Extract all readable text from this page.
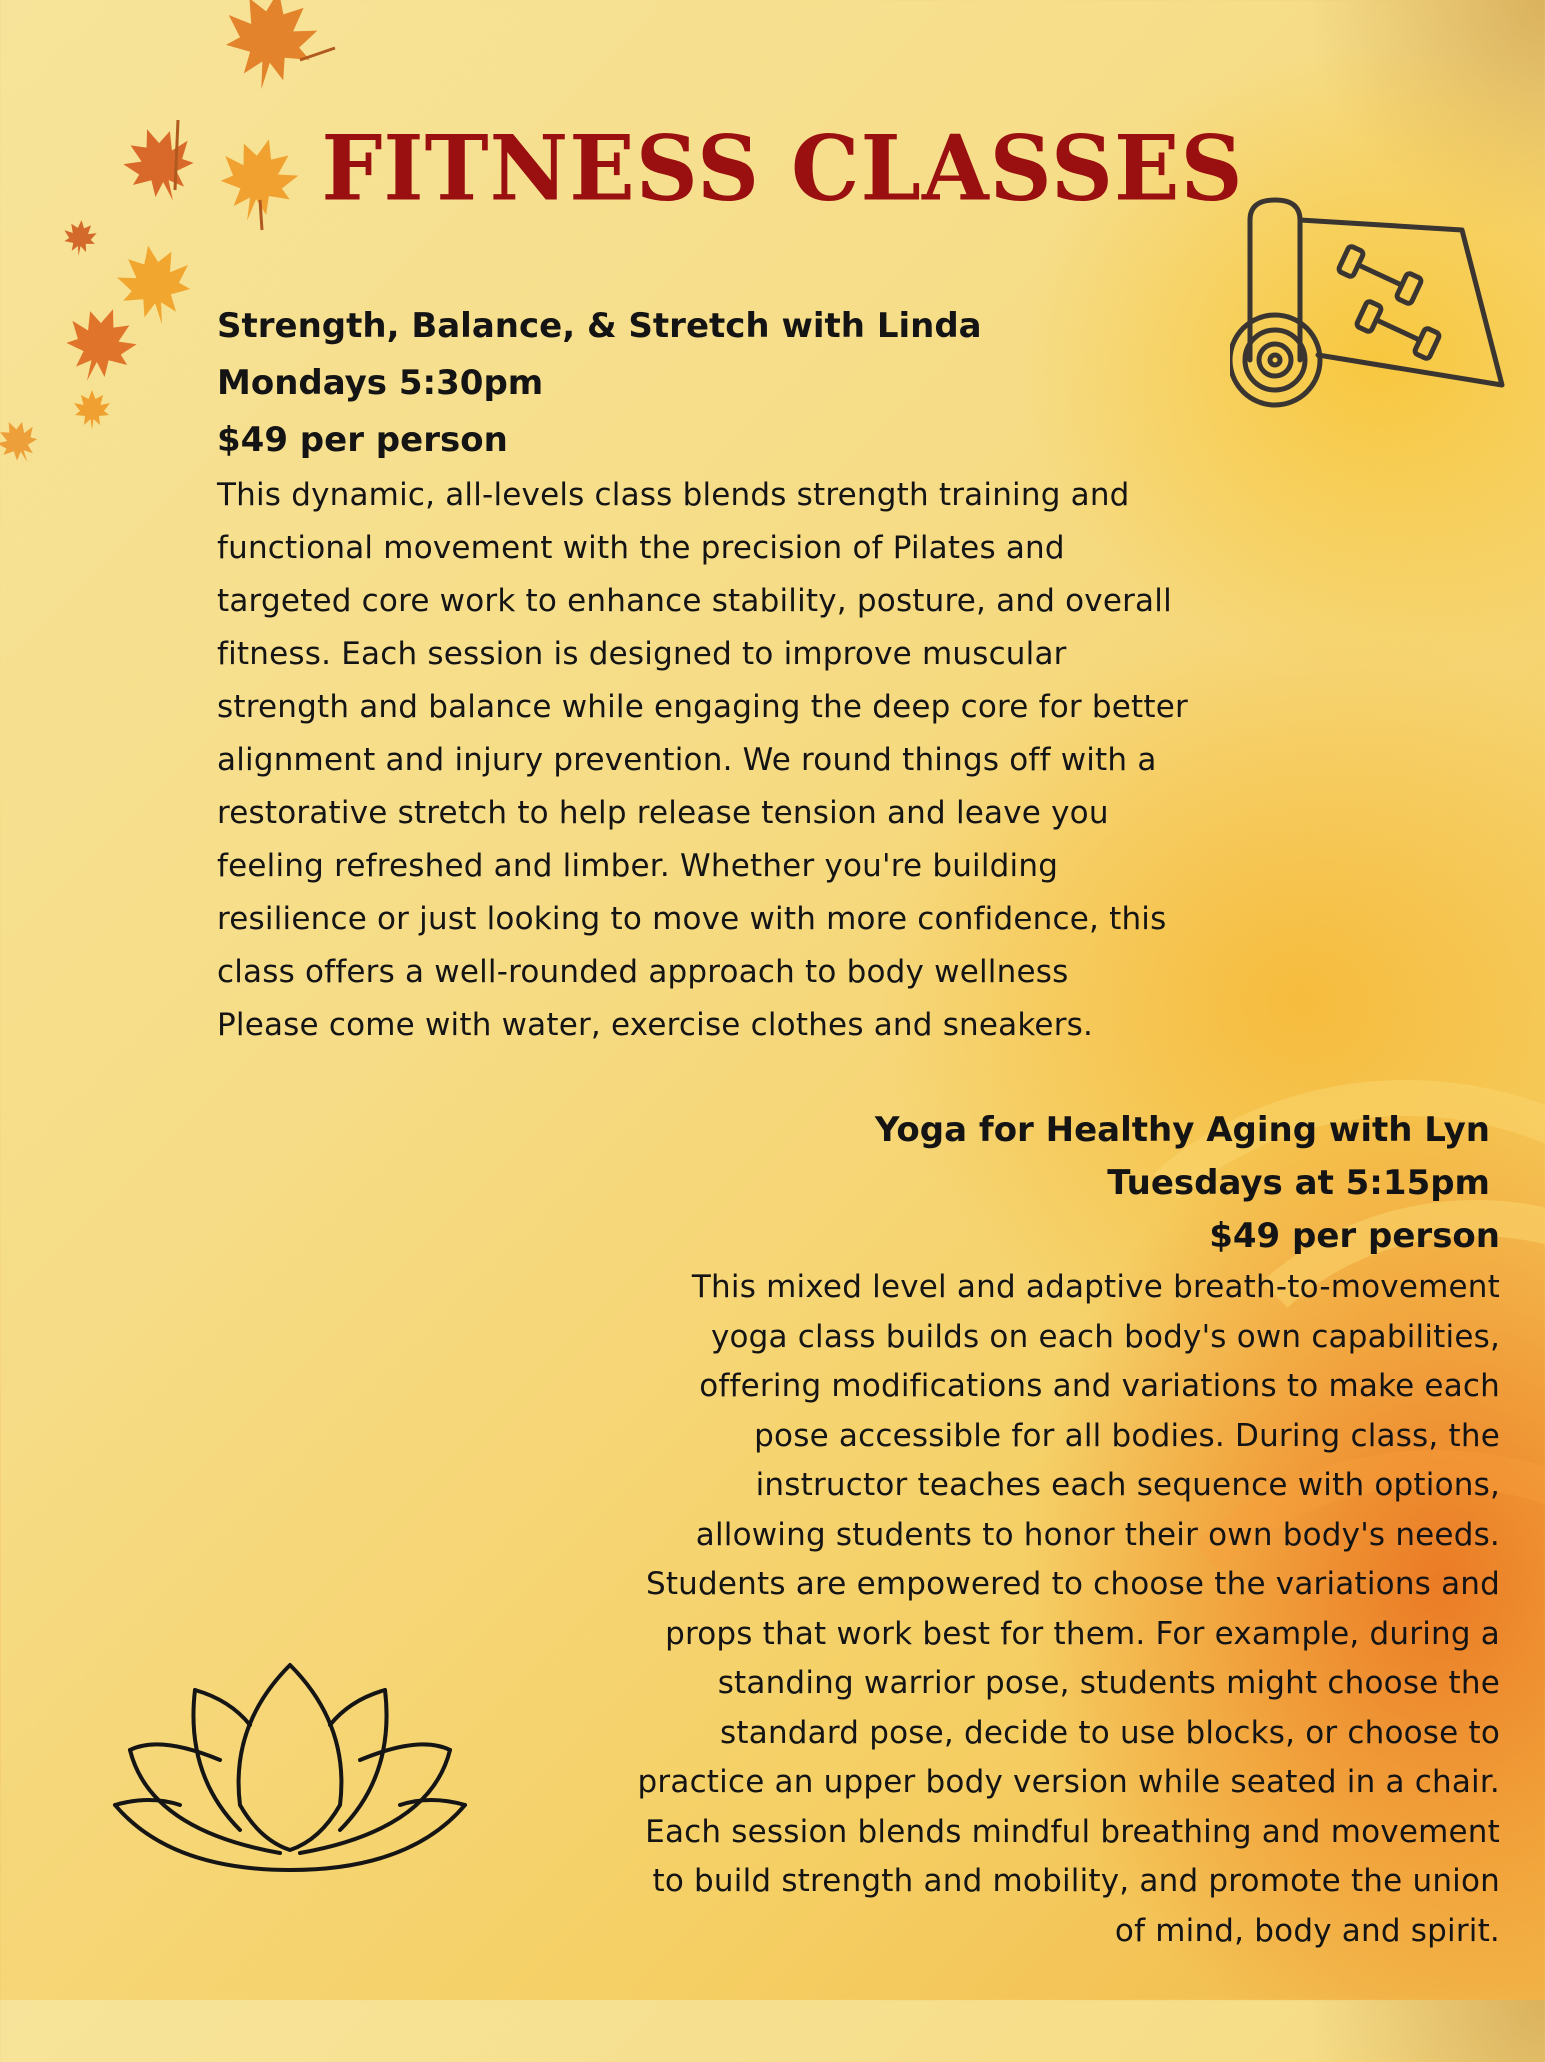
FITNESS CLASSES

Strength, Balance, & Stretch with Linda

Mondays 5:30pm

$49 per person

This dynamic, all-levels class blends strength training and
functional movement with the precision of Pilates and
targeted core work to enhance stability, posture, and overall
fitness. Each session is designed to improve muscular
strength and balance while engaging the deep core for better
alignment and injury prevention. We round things off with a
restorative stretch to help release tension and leave you
feeling refreshed and limber. Whether you're building
resilience or just looking to move with more confidence, this
class offers a well-rounded approach to body wellness
Please come with water, exercise clothes and sneakers.

Yoga for Healthy Aging with Lyn

Tuesdays at 5:15pm

$49 per person

This mixed level and adaptive breath-to-movement
yoga class builds on each body's own capabilities,
offering modifications and variations to make each
pose accessible for all bodies. During class, the
instructor teaches each sequence with options,
allowing students to honor their own body's needs.
Students are empowered to choose the variations and
props that work best for them. For example, during a
standing warrior pose, students might choose the
standard pose, decide to use blocks, or choose to
practice an upper body version while seated in a chair.
Each session blends mindful breathing and movement
to build strength and mobility, and promote the union
of mind, body and spirit.
